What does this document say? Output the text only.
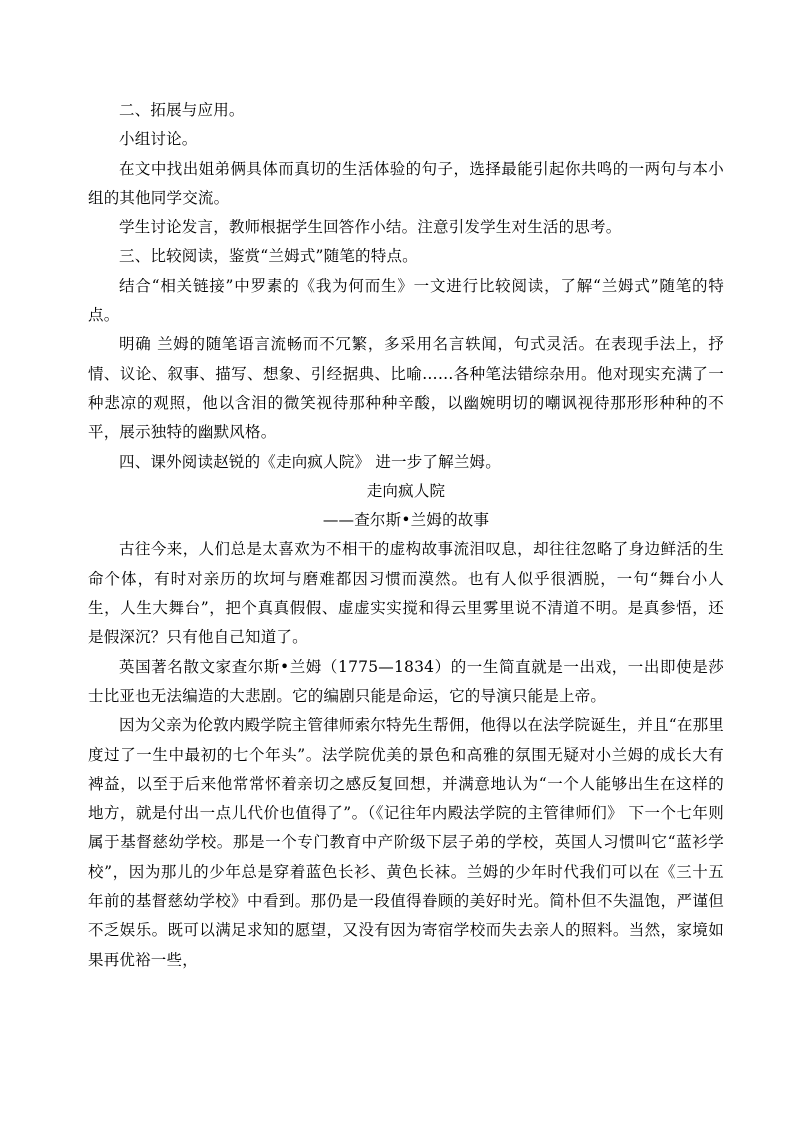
二、拓展与应用。

小组讨论。

在文中找出姐弟俩具体而真切的生活体验的句子，选择最能引起你共鸣的一两句与本小组的其他同学交流。

学生讨论发言，教师根据学生回答作小结。注意引发学生对生活的思考。

三、比较阅读，鉴赏“兰姆式”随笔的特点。

结合“相关链接”中罗素的《我为何而生》一文进行比较阅读，了解“兰姆式”随笔的特点。

明确 兰姆的随笔语言流畅而不冗繁，多采用名言轶闻，句式灵活。在表现手法上，抒情、议论、叙事、描写、想象、引经据典、比喻……各种笔法错综杂用。他对现实充满了一种悲凉的观照，他以含泪的微笑视待那种种辛酸，以幽婉明切的嘲讽视待那形形种种的不平，展示独特的幽默风格。

四、课外阅读赵锐的《走向疯人院》 进一步了解兰姆。

走向疯人院

——查尔斯•兰姆的故事

古往今来，人们总是太喜欢为不相干的虚构故事流泪叹息，却往往忽略了身边鲜活的生命个体，有时对亲历的坎坷与磨难都因习惯而漠然。也有人似乎很洒脱，一句“舞台小人生，人生大舞台”，把个真真假假、虚虚实实搅和得云里雾里说不清道不明。是真参悟，还是假深沉？只有他自己知道了。

英国著名散文家查尔斯•兰姆（1775—1834）的一生简直就是一出戏，一出即使是莎士比亚也无法编造的大悲剧。它的编剧只能是命运，它的导演只能是上帝。

因为父亲为伦敦内殿学院主管律师索尔特先生帮佣，他得以在法学院诞生，并且“在那里度过了一生中最初的七个年头”。法学院优美的景色和高雅的氛围无疑对小兰姆的成长大有裨益，以至于后来他常常怀着亲切之感反复回想，并满意地认为“一个人能够出生在这样的地方，就是付出一点儿代价也值得了”。（《记往年内殿法学院的主管律师们》 下一个七年则属于基督慈幼学校。那是一个专门教育中产阶级下层子弟的学校，英国人习惯叫它“蓝衫学校”，因为那儿的少年总是穿着蓝色长衫、黄色长袜。兰姆的少年时代我们可以在《三十五年前的基督慈幼学校》中看到。那仍是一段值得眷顾的美好时光。简朴但不失温饱，严谨但不乏娱乐。既可以满足求知的愿望，又没有因为寄宿学校而失去亲人的照料。当然，家境如果再优裕一些，
